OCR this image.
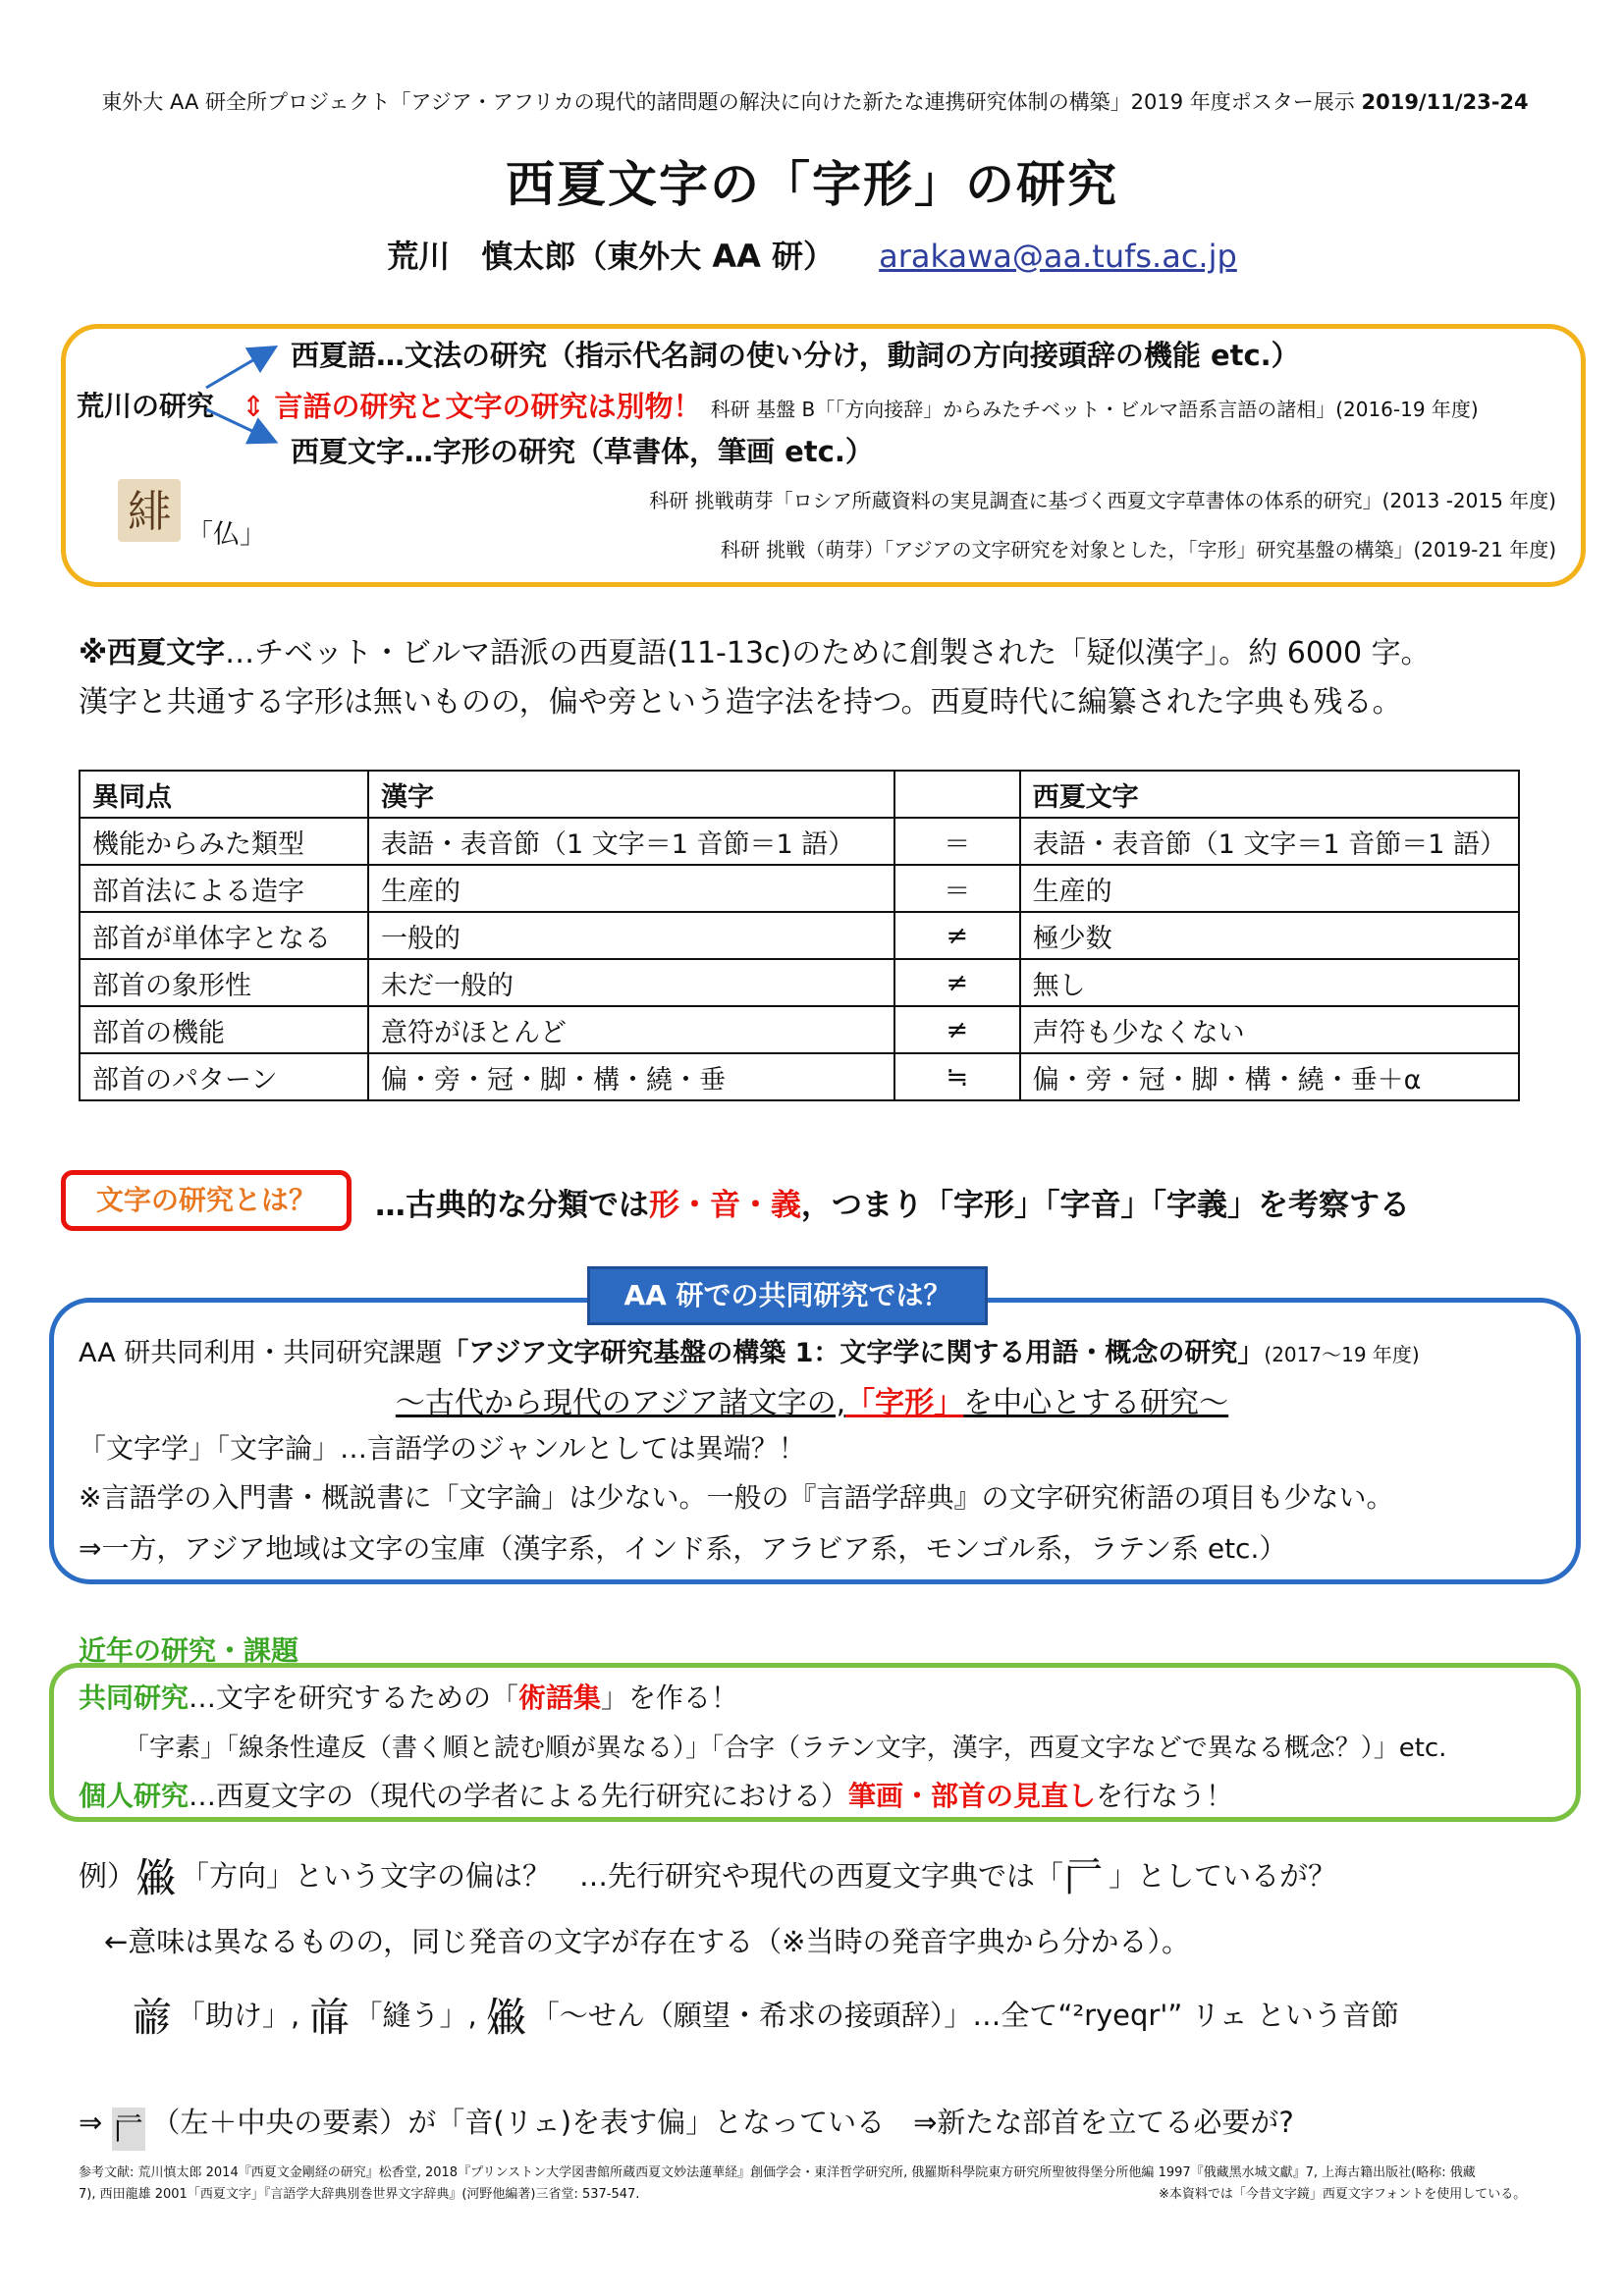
東外大 AA 研全所プロジェクト「アジア・アフリカの現代的諸問題の解決に向けた新たな連携研究体制の構築」2019 年度ポスター展示 2019/11/23-24
西夏文字の「字形」の研究
荒川　慎太郎（東外大 AA 研） arakawa@aa.tufs.ac.jp
荒川の研究
西夏語…文法の研究（指示代名詞の使い分け，動詞の方向接頭辞の機能 etc.）
⇕ 言語の研究と文字の研究は別物！ 科研 基盤 B「「方向接辞」からみたチベット・ビルマ語系言語の諸相」(2016-19 年度)
西夏文字…字形の研究（草書体，筆画 etc.）
緋 「仏」
科研 挑戦萌芽「ロシア所蔵資料の実見調査に基づく西夏文字草書体の体系的研究」(2013 -2015 年度)
科研 挑戦（萌芽）「アジアの文字研究を対象とした，「字形」研究基盤の構築」(2019-21 年度)
※西夏文字…チベット・ビルマ語派の西夏語(11-13c)のために創製された「疑似漢字」。約 6000 字。
漢字と共通する字形は無いものの，偏や旁という造字法を持つ。西夏時代に編纂された字典も残る。
異同点	漢字		西夏文字
機能からみた類型	表語・表音節（1 文字＝1 音節＝1 語）	＝	表語・表音節（1 文字＝1 音節＝1 語）
部首法による造字	生産的	＝	生産的
部首が単体字となる	一般的	≠	極少数
部首の象形性	未だ一般的	≠	無し
部首の機能	意符がほとんど	≠	声符も少なくない
部首のパターン	偏・旁・冠・脚・構・繞・垂	≒	偏・旁・冠・脚・構・繞・垂＋α
文字の研究とは？	…古典的な分類では形・音・義，つまり「字形」「字音」「字義」を考察する
AA 研での共同研究では？
AA 研共同利用・共同研究課題「アジア文字研究基盤の構築 1：文字学に関する用語・概念の研究」(2017～19 年度)
～古代から現代のアジア諸文字の,「字形」を中心とする研究～
「文字学」「文字論」…言語学のジャンルとしては異端？！
※言語学の入門書・概説書に「文字論」は少ない。一般の『言語学辞典』の文字研究術語の項目も少ない。
⇒一方，アジア地域は文字の宝庫（漢字系，インド系，アラビア系，モンゴル系，ラテン系 etc.）
近年の研究・課題
共同研究…文字を研究するための「術語集」を作る！
「字素」「線条性違反（書く順と読む順が異なる）」「合字（ラテン文字，漢字，西夏文字などで異なる概念？）」etc.
個人研究…西夏文字の（現代の学者による先行研究における）筆画・部首の見直しを行なう！
例）𗏹 「方向」という文字の偏は？　…先行研究や現代の西夏文字典では「𘠦 」としているが？
←意味は異なるものの，同じ発音の文字が存在する（※当時の発音字典から分かる）。
𗑗 「助け」, 𗑖 「縫う」, 𗏹 「～せん（願望・希求の接頭辞）」…全て“²ryeqr'” リェ という音節
⇒ 𘠦 （左＋中央の要素）が「音(リェ)を表す偏」となっている　⇒新たな部首を立てる必要が?
参考文献: 荒川慎太郎 2014『西夏文金剛経の研究』松香堂, 2018『プリンストン大学図書館所蔵西夏文妙法蓮華経』創価学会・東洋哲学研究所, 俄羅斯科學院東方研究所聖彼得堡分所他編 1997『俄藏黑水城文獻』7, 上海古籍出版社(略称: 俄藏
7), 西田龍雄 2001「西夏文字」『言語学大辞典別巻世界文字辞典』(河野他編著)三省堂: 537-547.	※本資料では「今昔文字鏡」西夏文字フォントを使用している。
